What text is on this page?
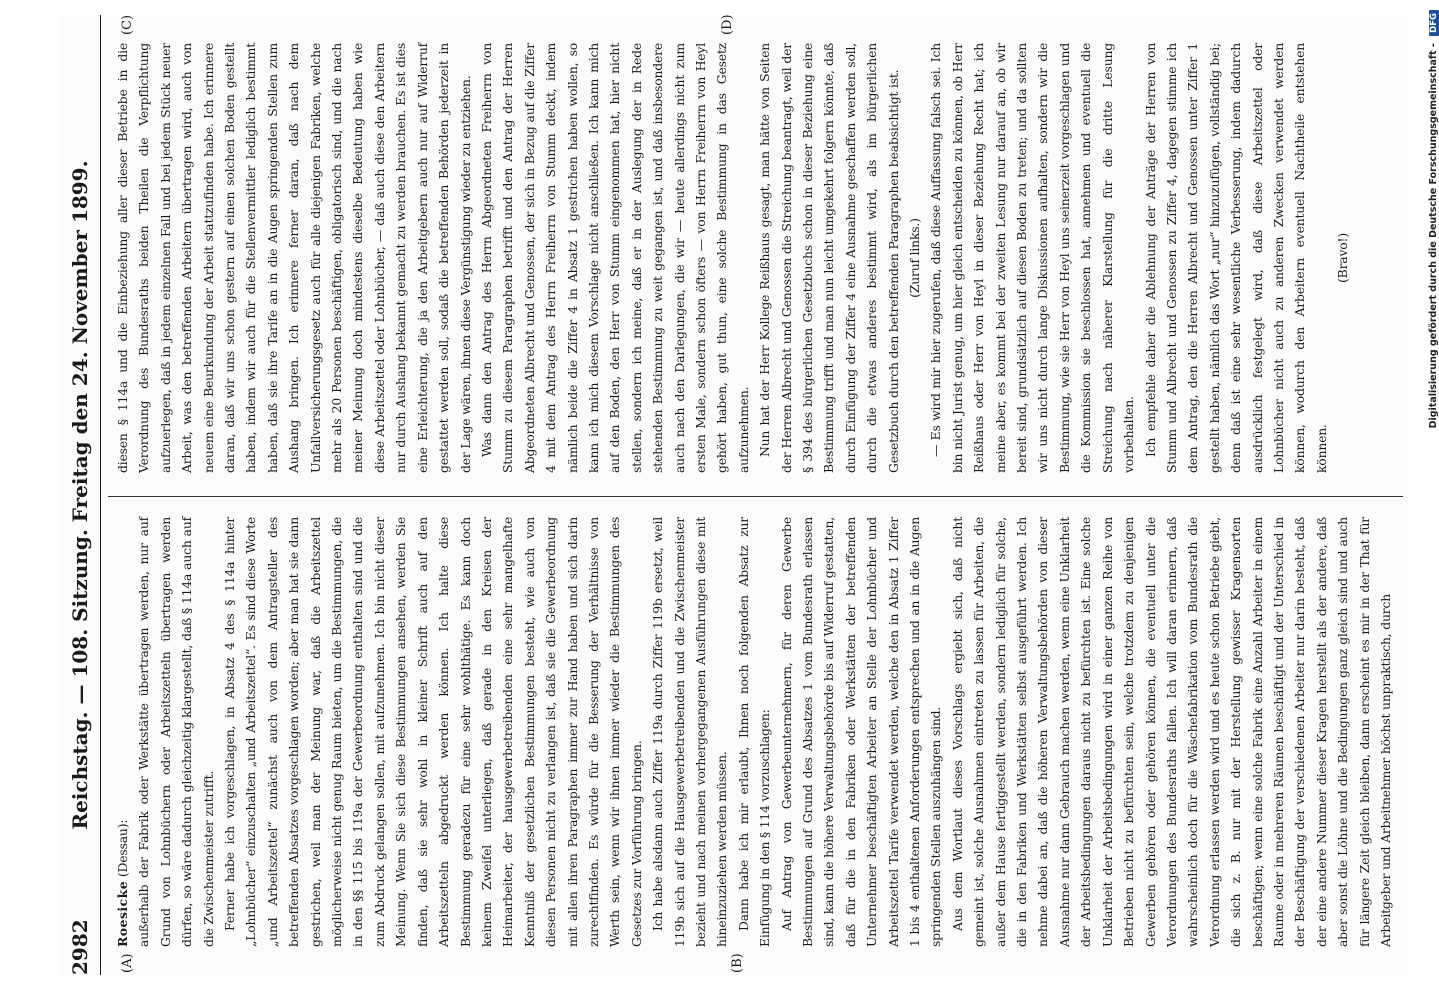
2982
Reichstag. — 108. Sitzung. Freitag den 24. November 1899.
(A)	(B)
(C)	(D)

Roesicke (Dessau): außerhalb der Fabrik oder Werkstätte übertragen werden, nur auf Grund von Lohnbüchern oder Arbeitszetteln übertragen werden dürfen, so wäre dadurch gleichzeitig klargestellt, daß § 114a auch auf die Zwischenmeister zutrifft. Ferner habe ich vorgeschlagen, in Absatz 4 des § 114a hinter „Lohnbücher“ einzuschalten „und Arbeitszettel“. Es sind diese Worte „und Arbeitszettel“ zunächst auch von dem Antragsteller des betreffenden Absatzes vorgeschlagen worden; aber man hat sie dann gestrichen, weil man der Meinung war, daß die Arbeitszettel möglicherweise nicht genug Raum bieten, um die Bestimmungen, die in den §§ 115 bis 119a der Gewerbeordnung enthalten sind und die zum Abdruck gelangen sollen, mit aufzunehmen. Ich bin nicht dieser Meinung. Wenn Sie sich diese Bestimmungen ansehen, werden Sie finden, daß sie sehr wohl in kleiner Schrift auch auf den Arbeitszetteln abgedruckt werden können. Ich halte diese Bestimmung geradezu für eine sehr wohlthätige. Es kann doch keinem Zweifel unterliegen, daß gerade in den Kreisen der Heimarbeiter, der hausgewerbetreibenden eine sehr mangelhafte Kenntniß der gesetzlichen Bestimmungen besteht, wie auch von diesen Personen nicht zu verlangen ist, daß sie die Gewerbeordnung mit allen ihren Paragraphen immer zur Hand haben und sich darin zurechtfinden. Es würde für die Besserung der Verhältnisse von Werth sein, wenn wir ihnen immer wieder die Bestimmungen des Gesetzes zur Vorführung bringen. Ich habe alsdann auch Ziffer 119a durch Ziffer 119b ersetzt, weil 119b sich auf die Hausgewerbetreibenden und die Zwischenmeister bezieht und nach meinen vorhergegangenen Ausführungen diese mit hineinzuziehen werden müssen. Dann habe ich mir erlaubt, Ihnen noch folgenden Absatz zur Einfügung in den § 114 vorzuschlagen: Auf Antrag von Gewerbeunternehmern, für deren Gewerbe Bestimmungen auf Grund des Absatzes 1 vom Bundesrath erlassen sind, kann die höhere Verwaltungsbehörde bis auf Widerruf gestatten, daß für die in den Fabriken oder Werkstätten der betreffenden Unternehmer beschäftigten Arbeiter an Stelle der Lohnbücher und Arbeitszettel Tarife verwendet werden, welche den in Absatz 1 Ziffer 1 bis 4 enthaltenen Anforderungen entsprechen und an in die Augen springenden Stellen auszuhängen sind. Aus dem Wortlaut dieses Vorschlags ergiebt sich, daß nicht gemeint ist, solche Ausnahmen eintreten zu lassen für Arbeiten, die außer dem Hause fertiggestellt werden, sondern lediglich für solche, die in den Fabriken und Werkstätten selbst ausgeführt werden. Ich nehme dabei an, daß die höheren Verwaltungsbehörden von dieser Ausnahme nur dann Gebrauch machen werden, wenn eine Unklarheit der Arbeitsbedingungen daraus nicht zu befürchten ist. Eine solche Unklarheit der Arbeitsbedingungen wird in einer ganzen Reihe von Betrieben nicht zu befürchten sein, welche trotzdem zu denjenigen Gewerben gehören oder gehören können, die eventuell unter die Verordnungen des Bundesraths fallen. Ich will daran erinnern, daß wahrscheinlich doch für die Wäschefabrikation vom Bundesrath die Verordnung erlassen werden wird und es heute schon Betriebe giebt, die sich z. B. nur mit der Herstellung gewisser Kragensorten beschäftigen; wenn eine solche Fabrik eine Anzahl Arbeiter in einem Raume oder in mehreren Räumen beschäftigt und der Unterschied in der Beschäftigung der verschiedenen Arbeiter nur darin besteht, daß der eine andere Nummer dieser Kragen herstellt als der andere, daß aber sonst die Löhne und die Bedingungen ganz gleich sind und auch für längere Zeit gleich bleiben, dann erscheint es mir in der That für Arbeitgeber und Arbeitnehmer höchst unpraktisch, durch

diesen § 114a und die Einbeziehung aller dieser Betriebe in die Verordnung des Bundesraths beiden Theilen die Verpflichtung aufzuerlegen, daß in jedem einzelnen Fall und bei jedem Stück neuer Arbeit, was den betreffenden Arbeitern übertragen wird, auch von neuem eine Beurkundung der Arbeit stattzufinden habe. Ich erinnere daran, daß wir uns schon gestern auf einen solchen Boden gestellt haben, indem wir auch für die Stellenvermittler lediglich bestimmt haben, daß sie ihre Tarife an in die Augen springenden Stellen zum Aushang bringen. Ich erinnere ferner daran, daß nach dem Unfallversicherungsgesetz auch für alle diejenigen Fabriken, welche mehr als 20 Personen beschäftigen, obligatorisch sind, und die nach meiner Meinung doch mindestens dieselbe Bedeutung haben wie diese Arbeitszettel oder Lohnbücher, — daß auch diese den Arbeitern nur durch Aushang bekannt gemacht zu werden brauchen. Es ist dies eine Erleichterung, die ja den Arbeitgebern auch nur auf Widerruf gestattet werden soll, sodaß die betreffenden Behörden jederzeit in der Lage wären, ihnen diese Vergünstigung wieder zu entziehen. Was dann den Antrag des Herrn Abgeordneten Freiherrn von Stumm zu diesem Paragraphen betrifft und den Antrag der Herren Abgeordneten Albrecht und Genossen, der sich in Bezug auf die Ziffer 4 mit dem Antrag des Herrn Freiherrn von Stumm deckt, indem nämlich beide die Ziffer 4 in Absatz 1 gestrichen haben wollen, so kann ich mich diesem Vorschlage nicht anschließen. Ich kann mich auf den Boden, den Herr von Stumm eingenommen hat, hier nicht stellen, sondern ich meine, daß er in der Auslegung der in Rede stehenden Bestimmung zu weit gegangen ist, und daß insbesondere auch nach den Darlegungen, die wir — heute allerdings nicht zum ersten Male, sondern schon öfters — von Herrn Freiherrn von Heyl gehört haben, gut thun, eine solche Bestimmung in das Gesetz aufzunehmen. Nun hat der Herr Kollege Reißhaus gesagt, man hätte von Seiten der Herren Albrecht und Genossen die Streichung beantragt, weil der § 394 des bürgerlichen Gesetzbuchs schon in dieser Beziehung eine Bestimmung trifft und man nun leicht umgekehrt folgern könnte, daß durch Einfügung der Ziffer 4 eine Ausnahme geschaffen werden soll, durch die etwas anderes bestimmt wird, als im bürgerlichen Gesetzbuch durch den betreffenden Paragraphen beabsichtigt ist. (Zuruf links.) — Es wird mir hier zugerufen, daß diese Auffassung falsch sei. Ich bin nicht Jurist genug, um hier gleich entscheiden zu können, ob Herr Reißhaus oder Herr von Heyl in dieser Beziehung Recht hat; ich meine aber, es kommt bei der zweiten Lesung nur darauf an, ob wir bereit sind, grundsätzlich auf diesen Boden zu treten; und da sollten wir uns nicht durch lange Diskussionen aufhalten, sondern wir die Bestimmung, wie sie Herr von Heyl uns seinerzeit vorgeschlagen und die Kommission sie beschlossen hat, annehmen und eventuell die Streichung nach näherer Klarstellung für die dritte Lesung vorbehalten. Ich empfehle daher die Ablehnung der Anträge der Herren von Stumm und Albrecht und Genossen zu Ziffer 4, dagegen stimme ich dem Antrag, den die Herren Albrecht und Genossen unter Ziffer 1 gestellt haben, nämlich das Wort „nur“ hinzuzufügen, vollständig bei; denn daß ist eine sehr wesentliche Verbesserung, indem dadurch ausdrücklich festgelegt wird, daß diese Arbeitszettel oder Lohnbücher nicht auch zu anderen Zwecken verwendet werden können, wodurch den Arbeitern eventuell Nachtheile entstehen können.

(Bravo!)	Digitalisierung gefördert durch die Deutsche Forschungsgemeinschaft - DFG
